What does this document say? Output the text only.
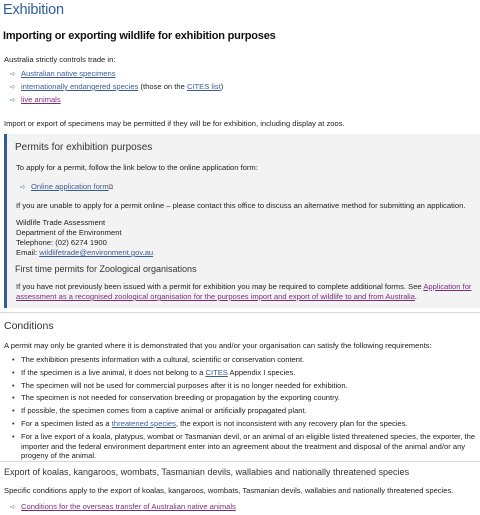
Exhibition
Importing or exporting wildlife for exhibition purposes

Australia strictly controls trade in:

➪ Australian native specimens
➪ internationally endangered species (those on the CITES list)
➪ live animals

Import or export of specimens may be permitted if they will be for exhibition, including display at zoos.

Permits for exhibition purposes
To apply for a permit, follow the link below to the online application form:
➪ Online application form⧉
If you are unable to apply for a permit online – please contact this office to discuss an alternative method for submitting an application.
Wildlife Trade Assessment
Department of the Environment
Telephone: (02) 6274 1900
Email: wildlifetrade@environment.gov.au
First time permits for Zoological organisations
If you have not previously been issued with a permit for exhibition you may be required to complete additional forms. See Application for
assessment as a recognised zoological organisation for the purposes import and export of wildlife to and from Australia.
Conditions

A permit may only be granted where it is demonstrated that you and/or your organisation can satisfy the following requirements:

• The exhibition presents information with a cultural, scientific or conservation content.
• If the specimen is a live animal, it does not belong to a CITES Appendix I species.
• The specimen will not be used for commercial purposes after it is no longer needed for exhibition.
• The specimen is not needed for conservation breeding or propagation by the exporting country.
• If possible, the specimen comes from a captive animal or artificially propagated plant.
• For a specimen listed as a threatened species, the export is not inconsistent with any recovery plan for the species.
• For a live export of a koala, platypus, wombat or Tasmanian devil, or an animal of an eligible listed threatened species, the exporter, the importer and the federal environment department enter into an agreement about the treatment and disposal of the animal and/or any progeny of the animal.
Export of koalas, kangaroos, wombats, Tasmanian devils, wallabies and nationally threatened species

Specific conditions apply to the export of koalas, kangaroos, wombats, Tasmanian devils, wallabies and nationally threatened species.

➪ Conditions for the overseas transfer of Australian native animals
